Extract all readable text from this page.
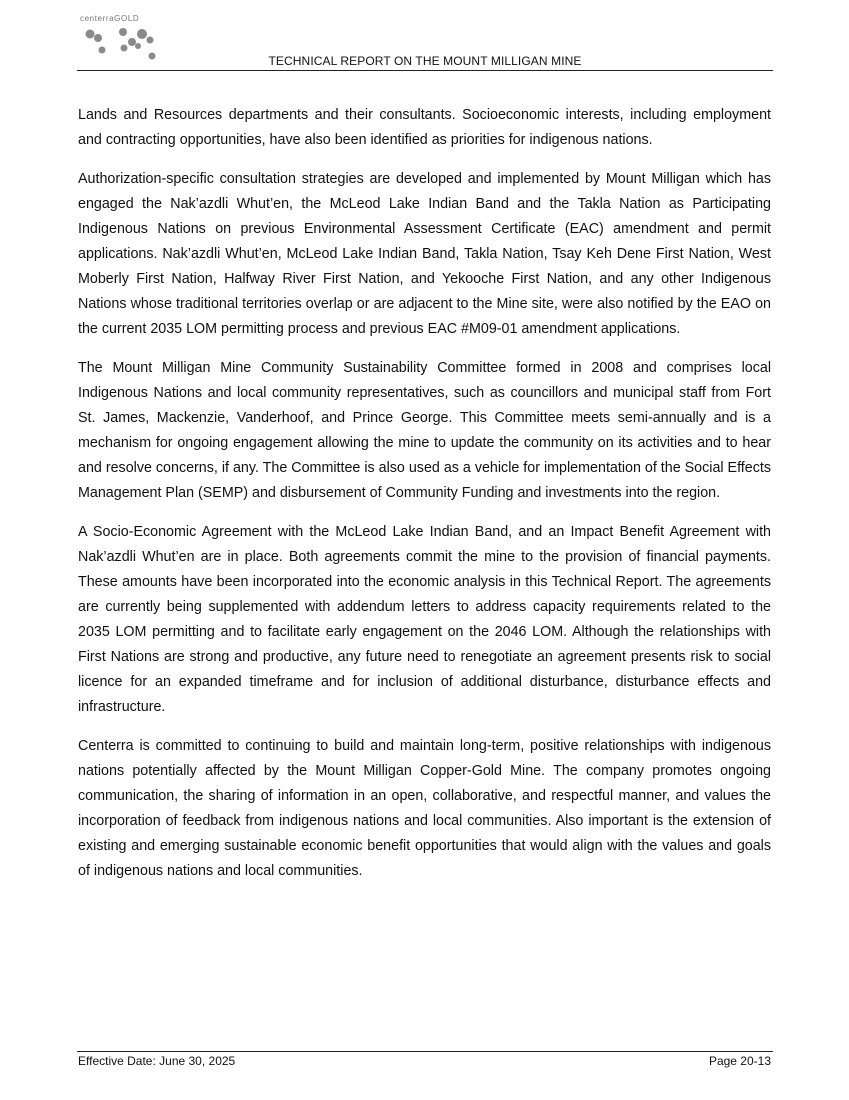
centerraGOLD
TECHNICAL REPORT ON THE MOUNT MILLIGAN MINE

Lands and Resources departments and their consultants. Socioeconomic interests, including employment and contracting opportunities, have also been identified as priorities for indigenous nations.

Authorization-specific consultation strategies are developed and implemented by Mount Milligan which has engaged the Nak’azdli Whut’en, the McLeod Lake Indian Band and the Takla Nation as Participating Indigenous Nations on previous Environmental Assessment Certificate (EAC) amendment and permit applications. Nak’azdli Whut’en, McLeod Lake Indian Band, Takla Nation, Tsay Keh Dene First Nation, West Moberly First Nation, Halfway River First Nation, and Yekooche First Nation, and any other Indigenous Nations whose traditional territories overlap or are adjacent to the Mine site, were also notified by the EAO on the current 2035 LOM permitting process and previous EAC #M09-01 amendment applications.

The Mount Milligan Mine Community Sustainability Committee formed in 2008 and comprises local Indigenous Nations and local community representatives, such as councillors and municipal staff from Fort St. James, Mackenzie, Vanderhoof, and Prince George. This Committee meets semi-annually and is a mechanism for ongoing engagement allowing the mine to update the community on its activities and to hear and resolve concerns, if any. The Committee is also used as a vehicle for implementation of the Social Effects Management Plan (SEMP) and disbursement of Community Funding and investments into the region.

A Socio-Economic Agreement with the McLeod Lake Indian Band, and an Impact Benefit Agreement with Nak’azdli Whut’en are in place. Both agreements commit the mine to the provision of financial payments. These amounts have been incorporated into the economic analysis in this Technical Report. The agreements are currently being supplemented with addendum letters to address capacity requirements related to the 2035 LOM permitting and to facilitate early engagement on the 2046 LOM. Although the relationships with First Nations are strong and productive, any future need to renegotiate an agreement presents risk to social licence for an expanded timeframe and for inclusion of additional disturbance, disturbance effects and infrastructure.

Centerra is committed to continuing to build and maintain long-term, positive relationships with indigenous nations potentially affected by the Mount Milligan Copper-Gold Mine. The company promotes ongoing communication, the sharing of information in an open, collaborative, and respectful manner, and values the incorporation of feedback from indigenous nations and local communities. Also important is the extension of existing and emerging sustainable economic benefit opportunities that would align with the values and goals of indigenous nations and local communities.

Effective Date: June 30, 2025	Page 20-13
